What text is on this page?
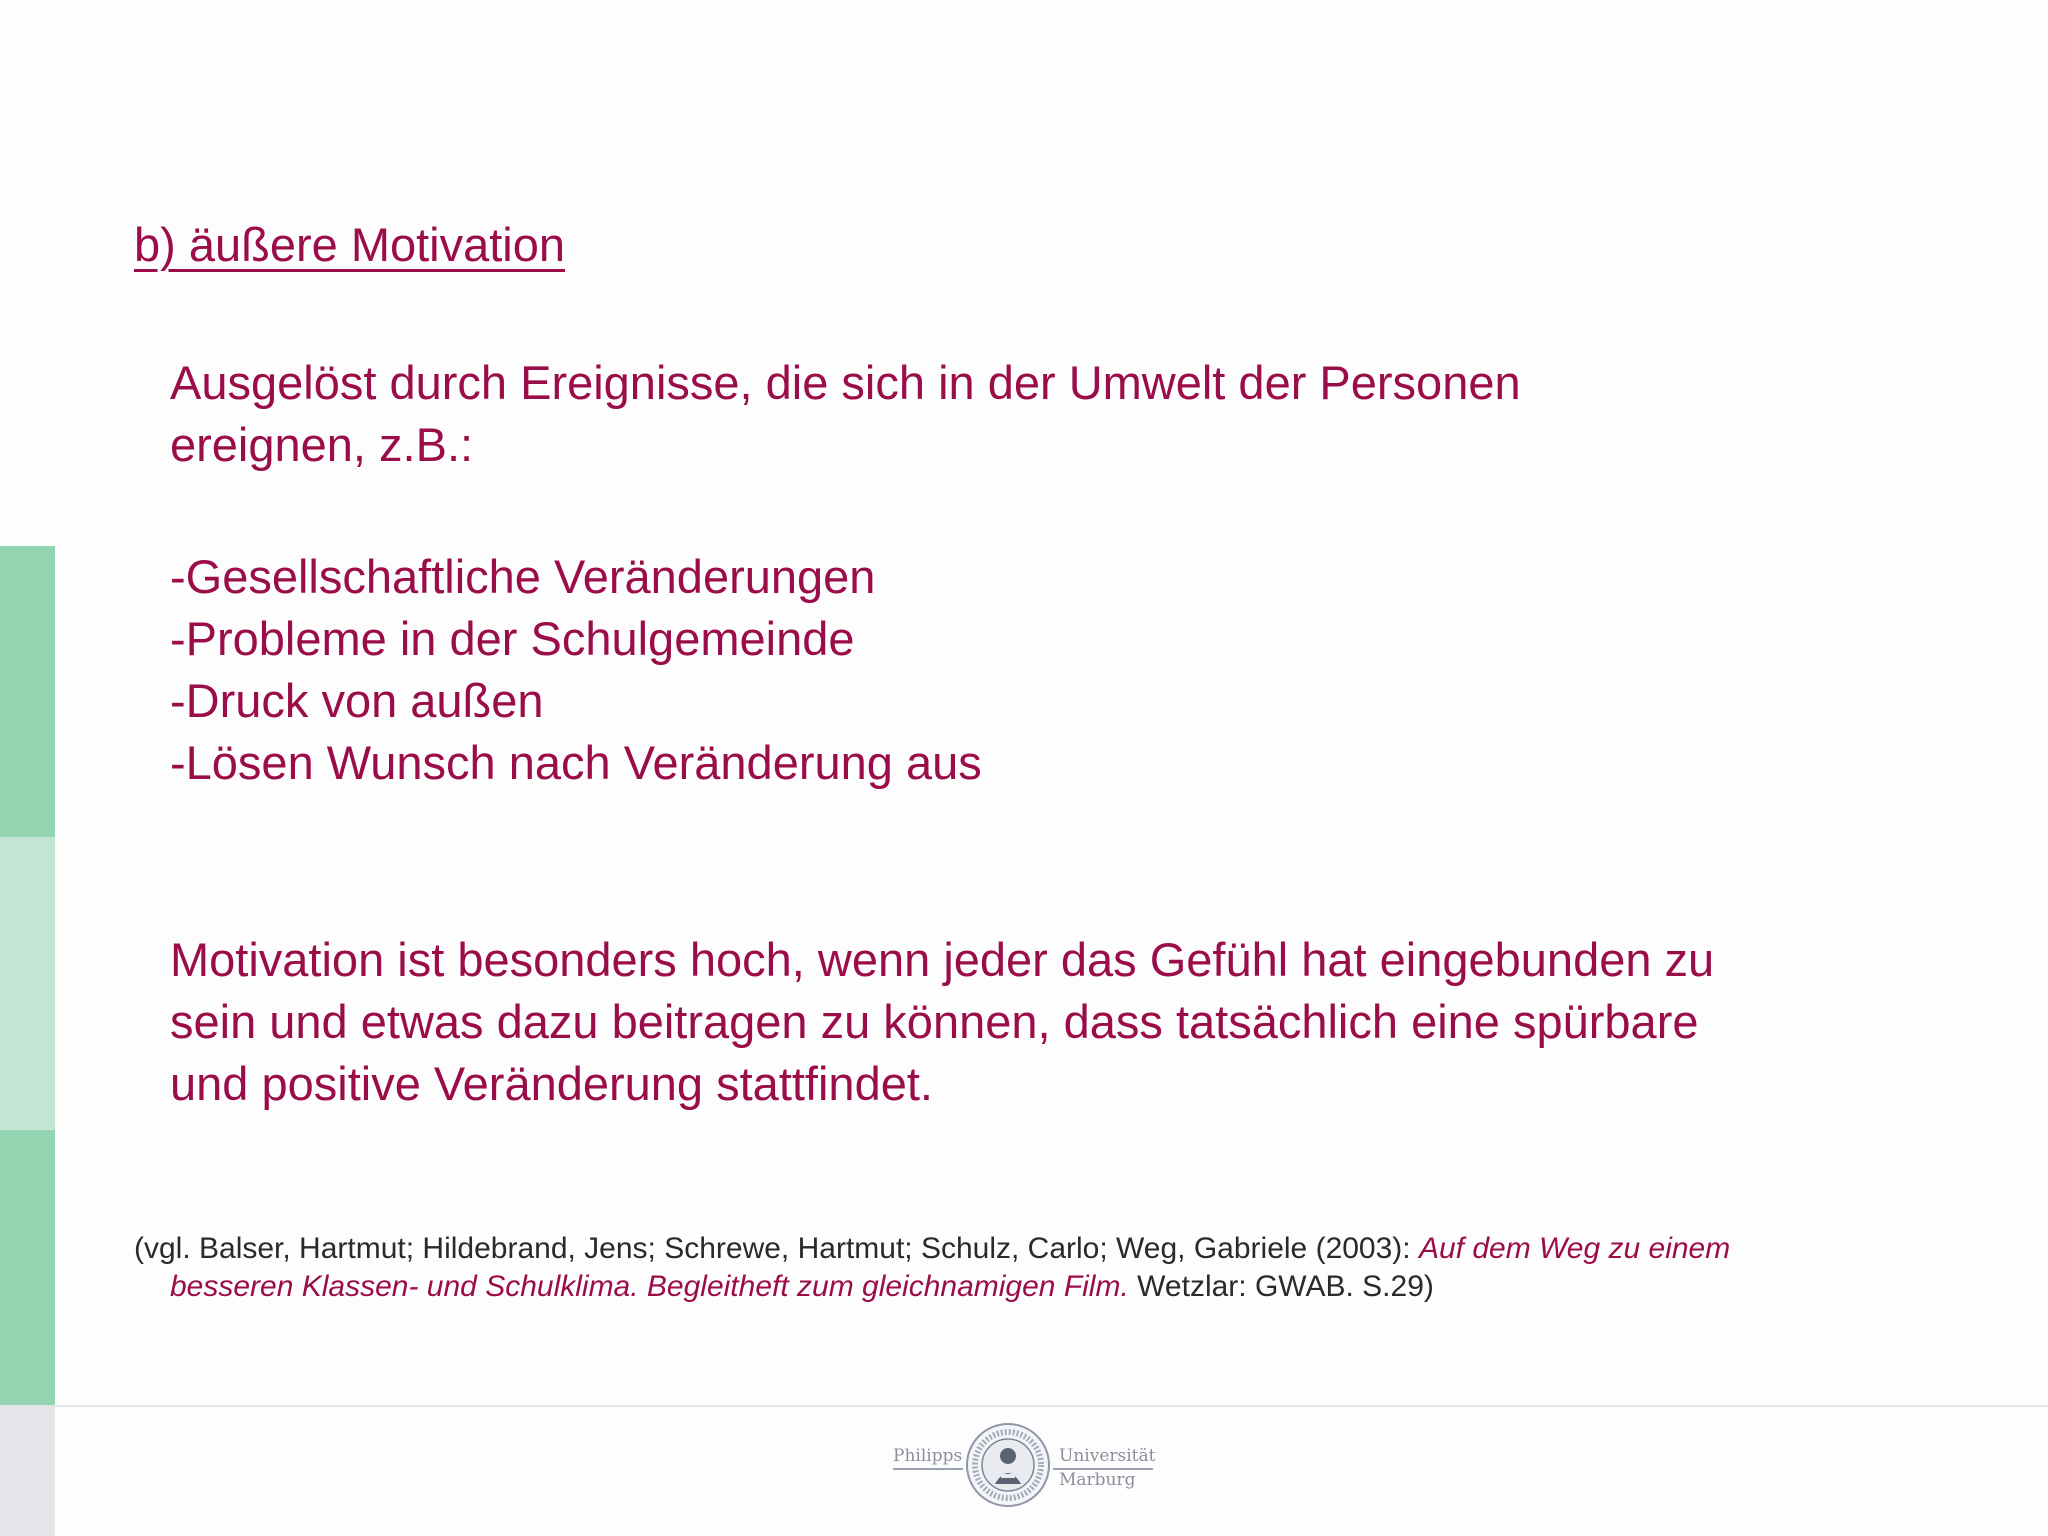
b) äußere Motivation
Ausgelöst durch Ereignisse, die sich in der Umwelt der Personen
ereignen, z.B.:
-Gesellschaftliche Veränderungen
-Probleme in der Schulgemeinde
-Druck von außen
-Lösen Wunsch nach Veränderung aus
Motivation ist besonders hoch, wenn jeder das Gefühl hat eingebunden zu
sein und etwas dazu beitragen zu können, dass tatsächlich eine spürbare
und positive Veränderung stattfindet.
(vgl. Balser, Hartmut; Hildebrand, Jens; Schrewe, Hartmut; Schulz, Carlo; Weg, Gabriele (2003): Auf dem Weg zu einem
besseren Klassen- und Schulklima. Begleitheft zum gleichnamigen Film. Wetzlar: GWAB. S.29)
Philipps	Universität
Marburg
